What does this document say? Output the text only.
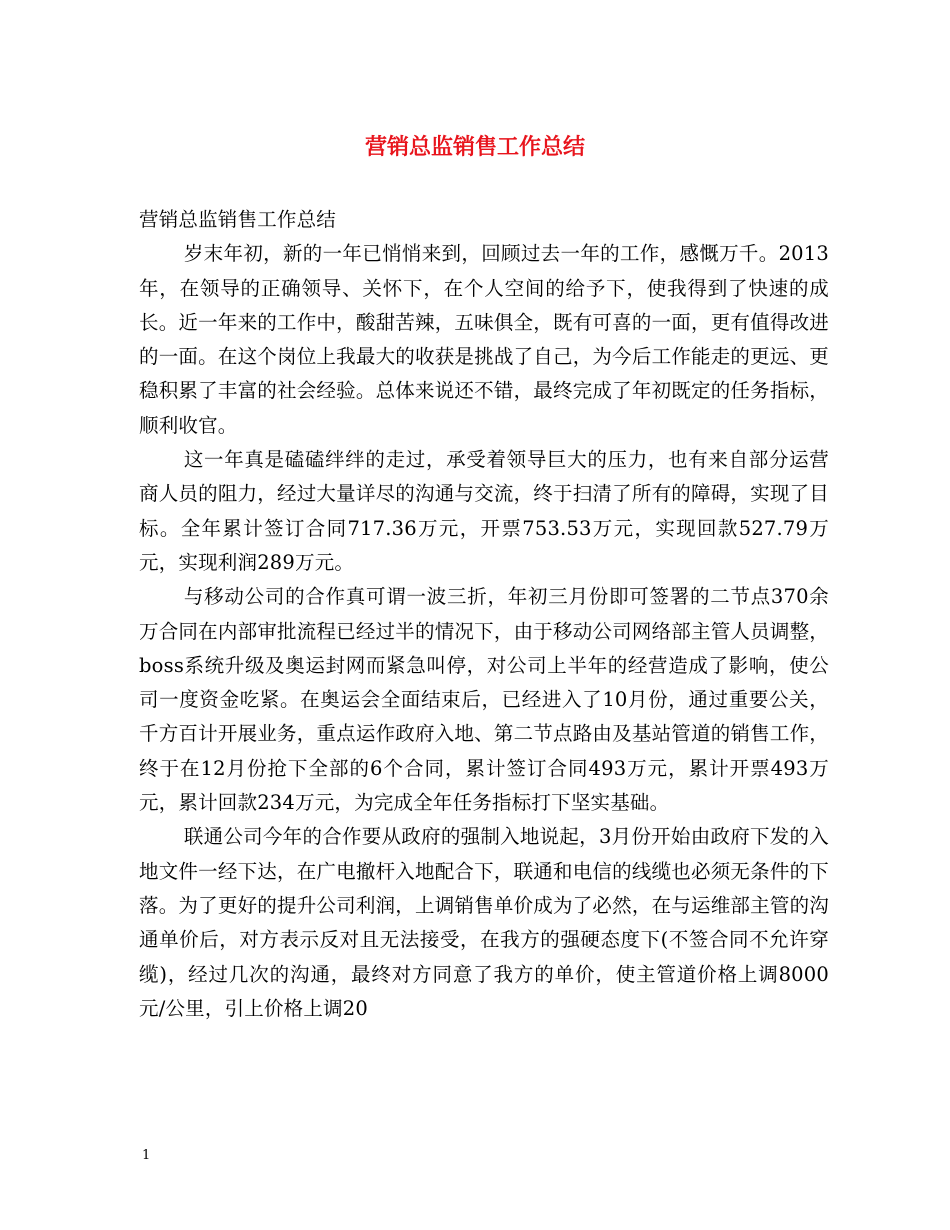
营销总监销售工作总结

营销总监销售工作总结

岁末年初，新的一年已悄悄来到，回顾过去一年的工作，感慨万千。2013年，在领导的正确领导、关怀下，在个人空间的给予下，使我得到了快速的成长。近一年来的工作中，酸甜苦辣，五味俱全，既有可喜的一面，更有值得改进的一面。在这个岗位上我最大的收获是挑战了自己，为今后工作能走的更远、更稳积累了丰富的社会经验。总体来说还不错，最终完成了年初既定的任务指标，顺利收官。

这一年真是磕磕绊绊的走过，承受着领导巨大的压力，也有来自部分运营商人员的阻力，经过大量详尽的沟通与交流，终于扫清了所有的障碍，实现了目标。全年累计签订合同717.36万元，开票753.53万元，实现回款527.79万元，实现利润289万元。

与移动公司的合作真可谓一波三折，年初三月份即可签署的二节点370余万合同在内部审批流程已经过半的情况下，由于移动公司网络部主管人员调整，boss系统升级及奥运封网而紧急叫停，对公司上半年的经营造成了影响，使公司一度资金吃紧。在奥运会全面结束后，已经进入了10月份，通过重要公关，千方百计开展业务，重点运作政府入地、第二节点路由及基站管道的销售工作，终于在12月份抢下全部的6个合同，累计签订合同493万元，累计开票493万元，累计回款234万元，为完成全年任务指标打下坚实基础。

联通公司今年的合作要从政府的强制入地说起，3月份开始由政府下发的入地文件一经下达，在广电撤杆入地配合下，联通和电信的线缆也必须无条件的下落。为了更好的提升公司利润，上调销售单价成为了必然，在与运维部主管的沟通单价后，对方表示反对且无法接受，在我方的强硬态度下(不签合同不允许穿缆)，经过几次的沟通，最终对方同意了我方的单价，使主管道价格上调8000元/公里，引上价格上调20

1
